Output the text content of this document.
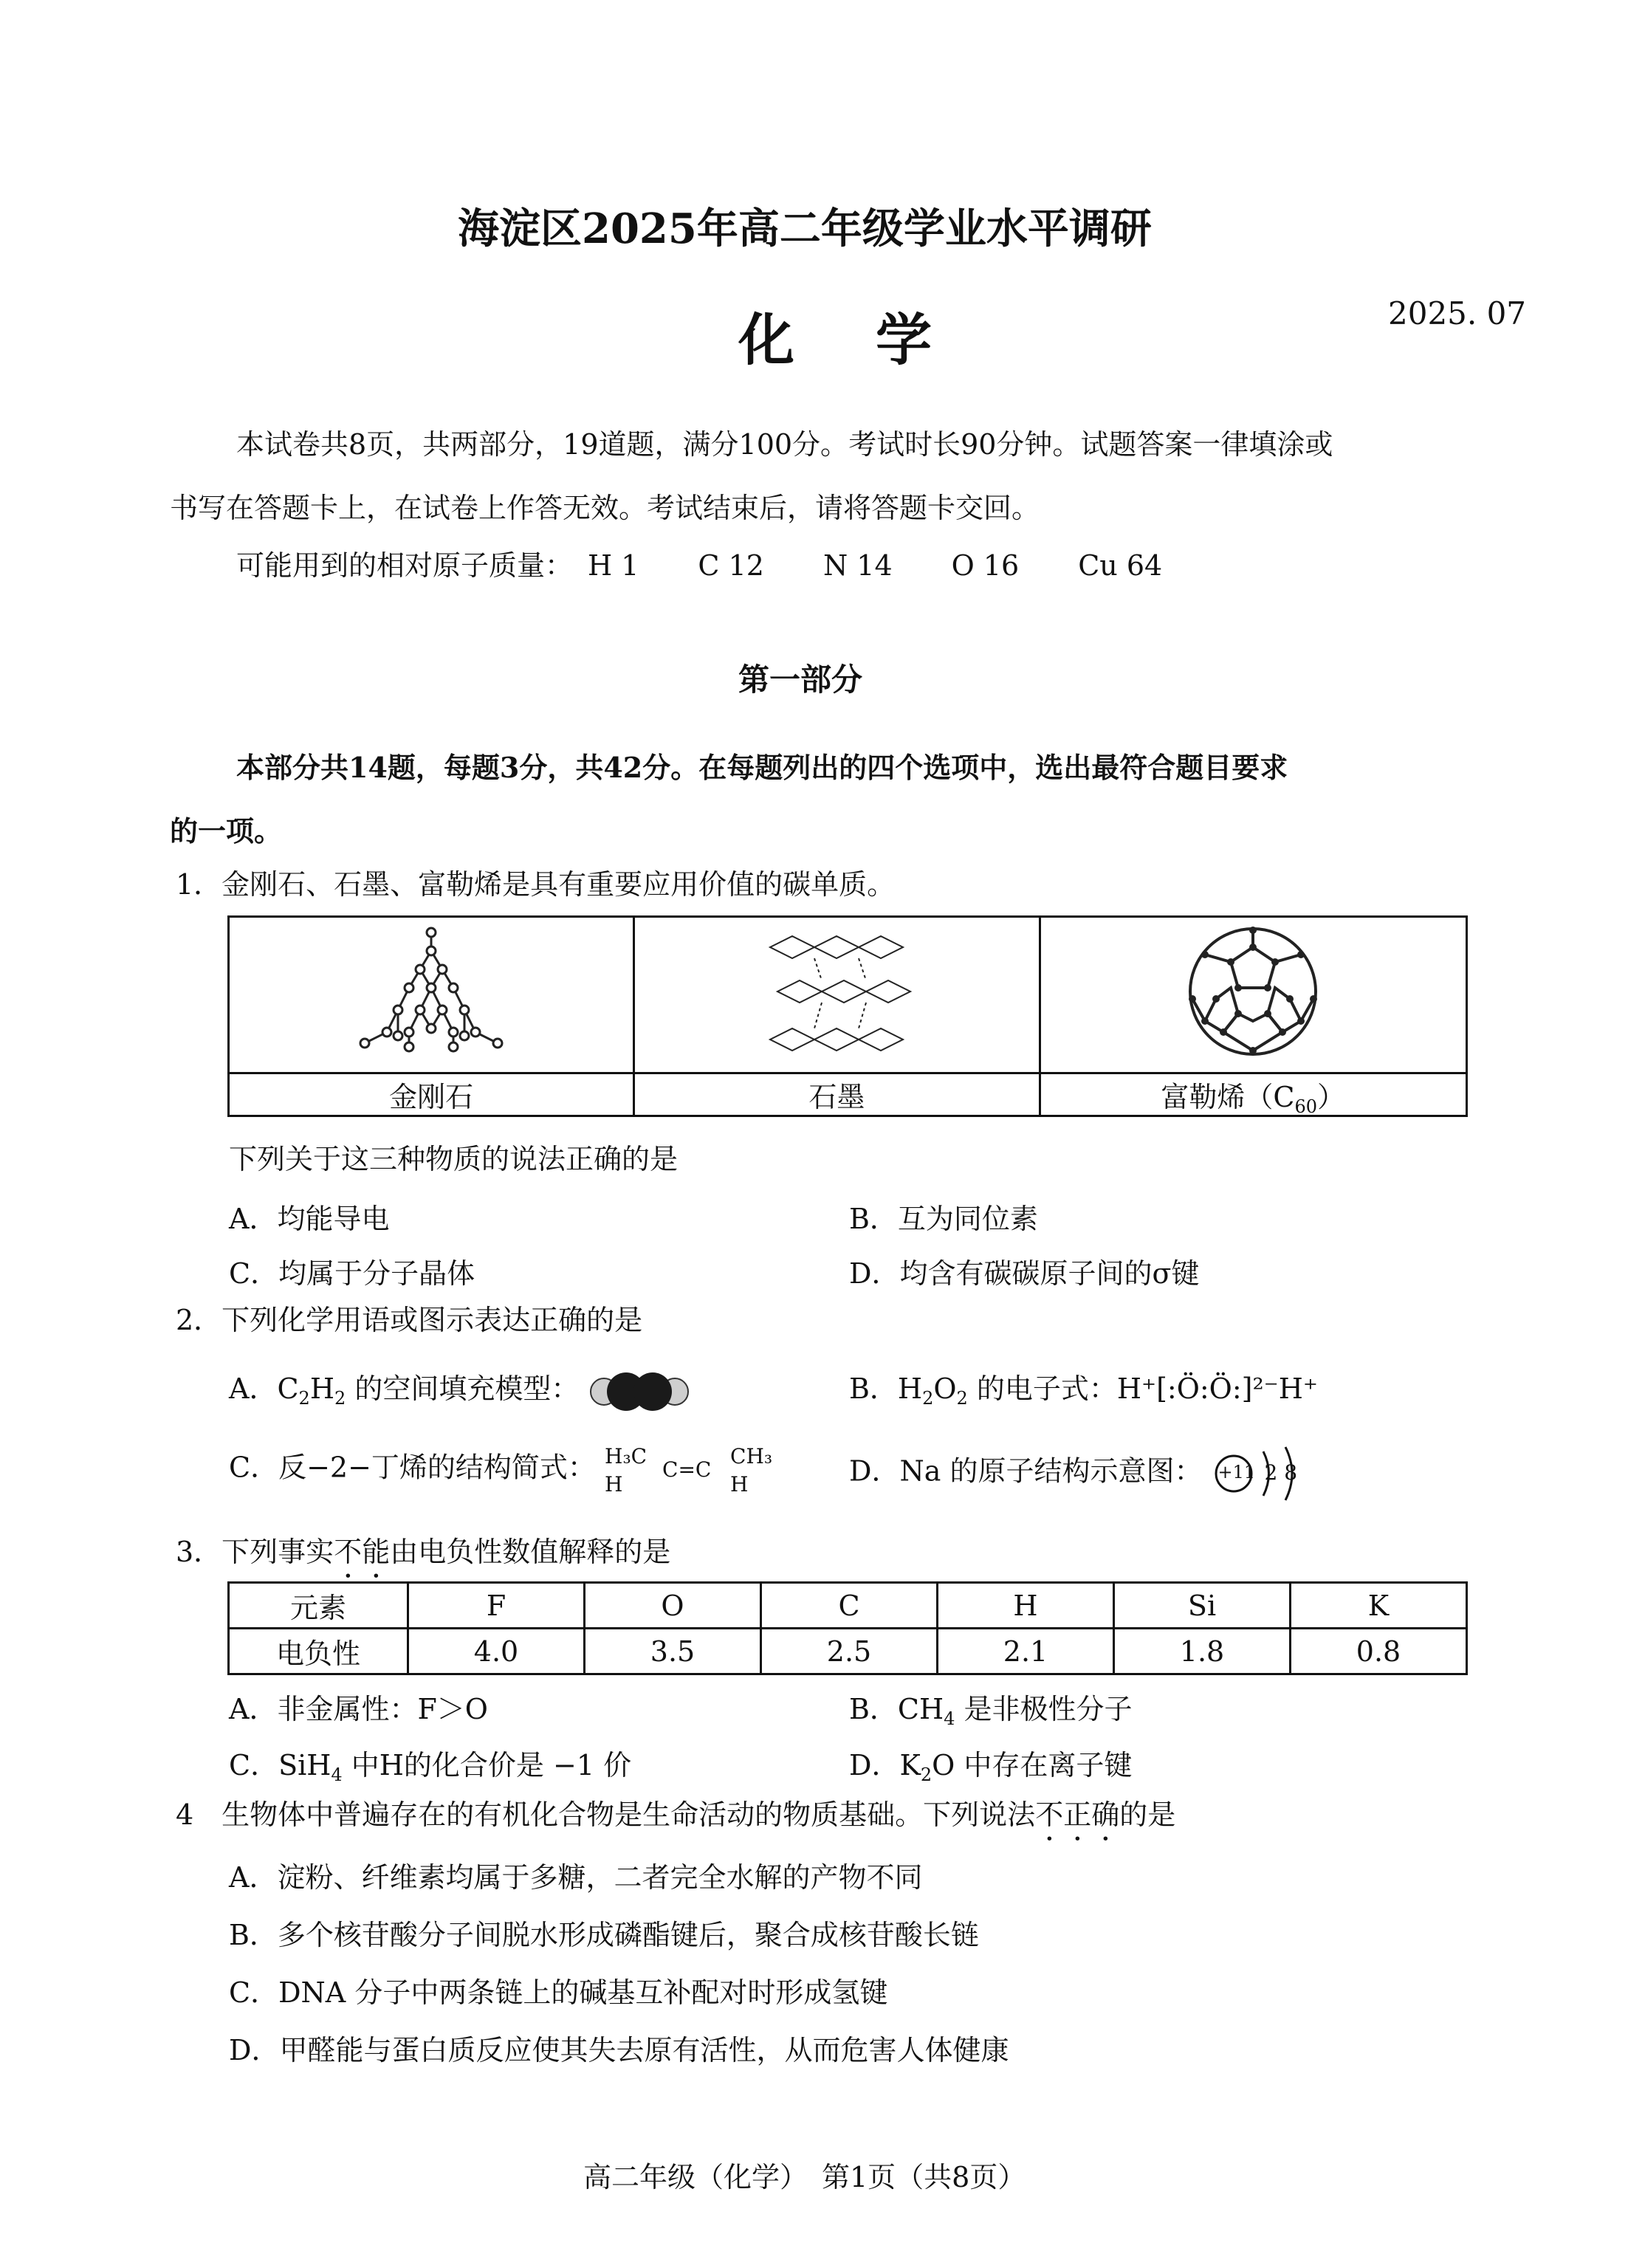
海淀区2025年高二年级学业水平调研
化学	2025. 07
本试卷共8页，共两部分，19道题，满分100分。考试时长90分钟。试题答案一律填涂或
书写在答题卡上，在试卷上作答无效。考试结束后，请将答题卡交回。
可能用到的相对原子质量： H 1 C 12 N 14 O 16 Cu 64
第一部分
本部分共14题，每题3分，共42分。在每题列出的四个选项中，选出最符合题目要求
的一项。
1．金刚石、石墨、富勒烯是具有重要应用价值的碳单质。

金刚石	石墨	富勒烯$(C_{60})$
下列关于这三种物质的说法正确的是
A．均能导电	B．互为同位素
C．均属于分子晶体	D．均含有碳碳原子间的σ键
2．下列化学用语或图示表达正确的是
A．$C_2H_2$ 的空间填充模型：	B．$H_2O_2$ 的电子式：H⁺[:Ö:Ö:]²⁻H⁺
C．反−2−丁烯的结构简式： H₃C
H
C=C
CH₃
H	D．Na 的原子结构示意图： +11 2 8
3．下列事实不能由电负性数值解释的是
元素	F	O	C	H	Si	K
电负性	4.0	3.5	2.5	2.1	1.8	0.8
A．非金属性：F＞O	B．$CH_4$ 是非极性分子
C．SiH$_4$ 中H的化合价是 −1 价	D．$K_2O$ 中存在离子键
4　生物体中普遍存在的有机化合物是生命活动的物质基础。下列说法不正确的是
A．淀粉、纤维素均属于多糖，二者完全水解的产物不同
B．多个核苷酸分子间脱水形成磷酯键后，聚合成核苷酸长链
C．DNA 分子中两条链上的碱基互补配对时形成氢键
D．甲醛能与蛋白质反应使其失去原有活性，从而危害人体健康
高二年级（化学）　第1页（共8页）
